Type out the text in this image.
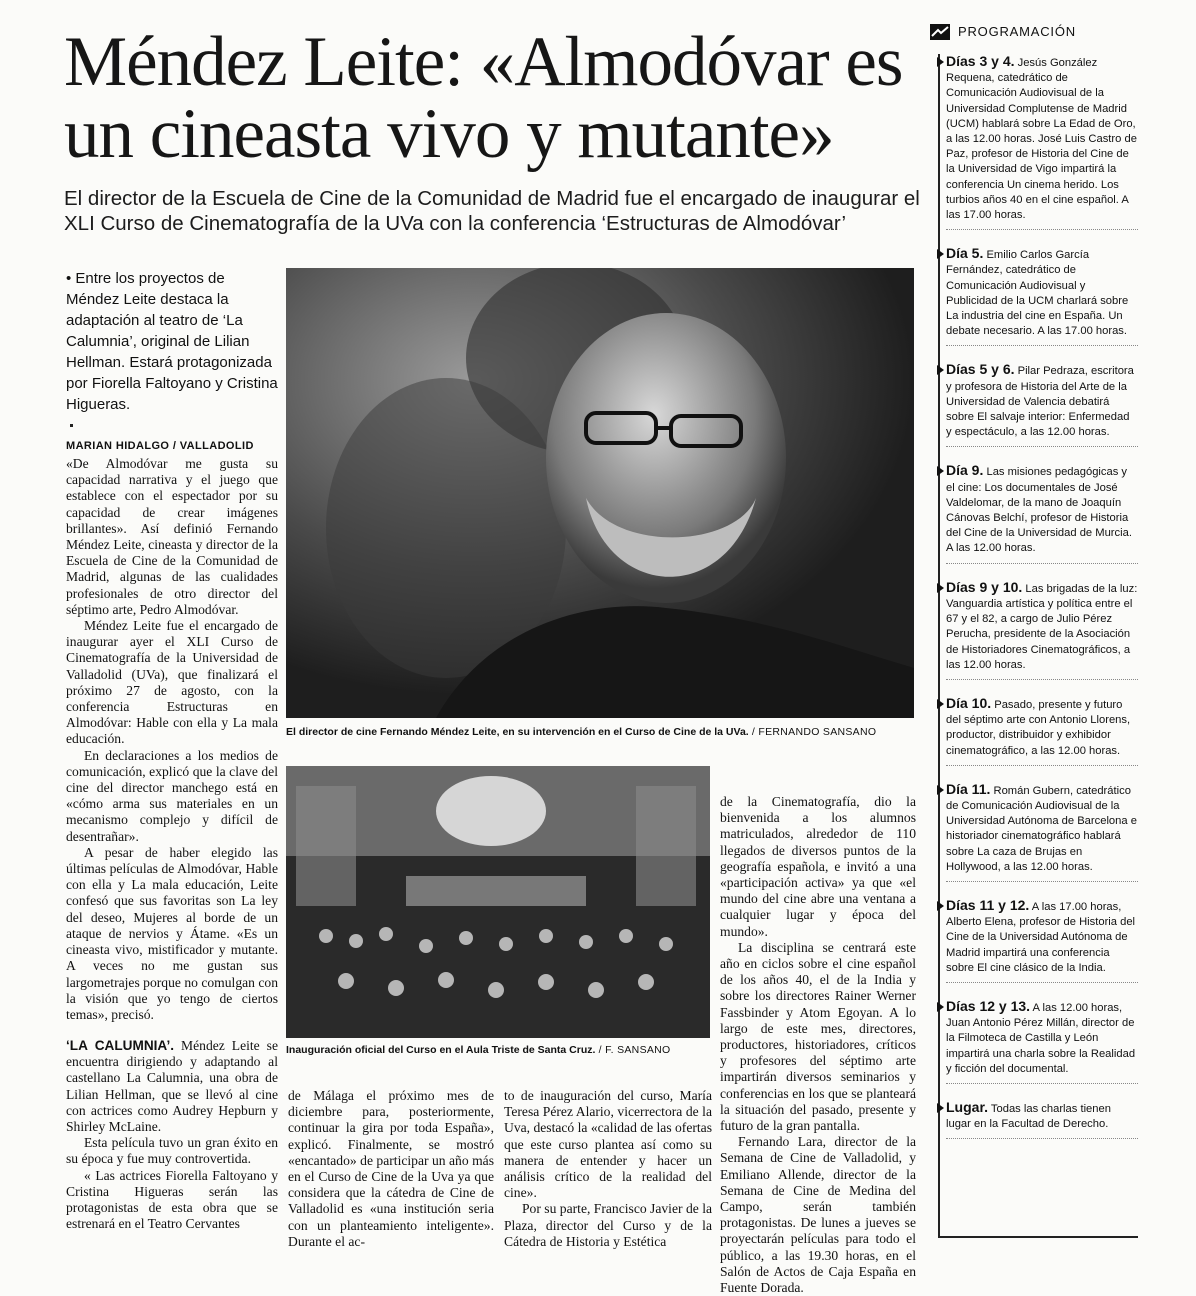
Méndez Leite: «Almodóvar es un cineasta vivo y mutante»

El director de la Escuela de Cine de la Comunidad de Madrid fue el encargado de inaugurar el XLI Curso de Cinematografía de la UVa con la conferencia ‘Estructuras de Almodóvar’

• Entre los proyectos de Méndez Leite destaca la adaptación al teatro de ‘La Calumnia’, original de Lilian Hellman. Estará protagonizada por Fiorella Faltoyano y Cristina Higueras.
MARIAN HIDALGO / VALLADOLID

«De Almodóvar me gusta su capacidad narrativa y el juego que establece con el espectador por su capacidad de crear imágenes brillantes». Así definió Fernando Méndez Leite, cineasta y director de la Escuela de Cine de la Comunidad de Madrid, algunas de las cualidades profesionales de otro director del séptimo arte, Pedro Almodóvar.

Méndez Leite fue el encargado de inaugurar ayer el XLI Curso de Cinematografía de la Universidad de Valladolid (UVa), que finalizará el próximo 27 de agosto, con la conferencia Estructuras en Almodóvar: Hable con ella y La mala educación.

En declaraciones a los medios de comunicación, explicó que la clave del cine del director manchego está en «cómo arma sus materiales en un mecanismo complejo y difícil de desentrañar».

A pesar de haber elegido las últimas películas de Almodóvar, Hable con ella y La mala educación, Leite confesó que sus favoritas son La ley del deseo, Mujeres al borde de un ataque de nervios y Átame. «Es un cineasta vivo, mistificador y mutante. A veces no me gustan sus largometrajes porque no comulgan con la visión que yo tengo de ciertos temas», precisó.

‘LA CALUMNIA’. Méndez Leite se encuentra dirigiendo y adaptando al castellano La Calumnia, una obra de Lilian Hellman, que se llevó al cine con actrices como Audrey Hepburn y Shirley McLaine.

Esta película tuvo un gran éxito en su época y fue muy controvertida.

« Las actrices Fiorella Faltoyano y Cristina Higueras serán las protagonistas de esta obra que se estrenará en el Teatro Cervantes

de Málaga el próximo mes de diciembre para, posteriormente, continuar la gira por toda España», explicó. Finalmente, se mostró «encantado» de participar un año más en el Curso de Cine de la Uva ya que considera que la cátedra de Cine de Valladolid es «una institución seria con un planteamiento inteligente». Durante el ac-

to de inauguración del curso, María Teresa Pérez Alario, vicerrectora de la Uva, destacó la «calidad de las ofertas que este curso plantea así como su manera de entender y hacer un análisis crítico de la realidad del cine».

Por su parte, Francisco Javier de la Plaza, director del Curso y de la Cátedra de Historia y Estética

de la Cinematografía, dio la bienvenida a los alumnos matriculados, alrededor de 110 llegados de diversos puntos de la geografía española, e invitó a una «participación activa» ya que «el mundo del cine abre una ventana a cualquier lugar y época del mundo».

La disciplina se centrará este año en ciclos sobre el cine español de los años 40, el de la India y sobre los directores Rainer Werner Fassbinder y Atom Egoyan. A lo largo de este mes, directores, productores, historiadores, críticos y profesores del séptimo arte impartirán diversos seminarios y conferencias en los que se planteará la situación del pasado, presente y futuro de la gran pantalla.

Fernando Lara, director de la Semana de Cine de Valladolid, y Emiliano Allende, director de la Semana de Cine de Medina del Campo, serán también protagonistas. De lunes a jueves se proyectarán películas para todo el público, a las 19.30 horas, en el Salón de Actos de Caja España en Fuente Dorada.

El director de cine Fernando Méndez Leite, en su intervención en el Curso de Cine de la UVa. / FERNANDO SANSANO
Inauguración oficial del Curso en el Aula Triste de Santa Cruz. / F. SANSANO
PROGRAMACIÓN
Días 3 y 4. Jesús González Requena, catedrático de Comunicación Audiovisual de la Universidad Complutense de Madrid (UCM) hablará sobre La Edad de Oro, a las 12.00 horas. José Luis Castro de Paz, profesor de Historia del Cine de la Universidad de Vigo impartirá la conferencia Un cinema herido. Los turbios años 40 en el cine español. A las 17.00 horas.
Día 5. Emilio Carlos García Fernández, catedrático de Comunicación Audiovisual y Publicidad de la UCM charlará sobre La industria del cine en España. Un debate necesario. A las 17.00 horas.
Días 5 y 6. Pilar Pedraza, escritora y profesora de Historia del Arte de la Universidad de Valencia debatirá sobre El salvaje interior: Enfermedad y espectáculo, a las 12.00 horas.
Día 9. Las misiones pedagógicas y el cine: Los documentales de José Valdelomar, de la mano de Joaquín Cánovas Belchí, profesor de Historia del Cine de la Universidad de Murcia. A las 12.00 horas.
Días 9 y 10. Las brigadas de la luz: Vanguardia artística y política entre el 67 y el 82, a cargo de Julio Pérez Perucha, presidente de la Asociación de Historiadores Cinematográficos, a las 12.00 horas.
Día 10. Pasado, presente y futuro del séptimo arte con Antonio Llorens, productor, distribuidor y exhibidor cinematográfico, a las 12.00 horas.
Día 11. Román Gubern, catedrático de Comunicación Audiovisual de la Universidad Autónoma de Barcelona e historiador cinematográfico hablará sobre La caza de Brujas en Hollywood, a las 12.00 horas.
Días 11 y 12. A las 17.00 horas, Alberto Elena, profesor de Historia del Cine de la Universidad Autónoma de Madrid impartirá una conferencia sobre El cine clásico de la India.
Días 12 y 13. A las 12.00 horas, Juan Antonio Pérez Millán, director de la Filmoteca de Castilla y León impartirá una charla sobre la Realidad y ficción del documental.
Lugar. Todas las charlas tienen lugar en la Facultad de Derecho.
